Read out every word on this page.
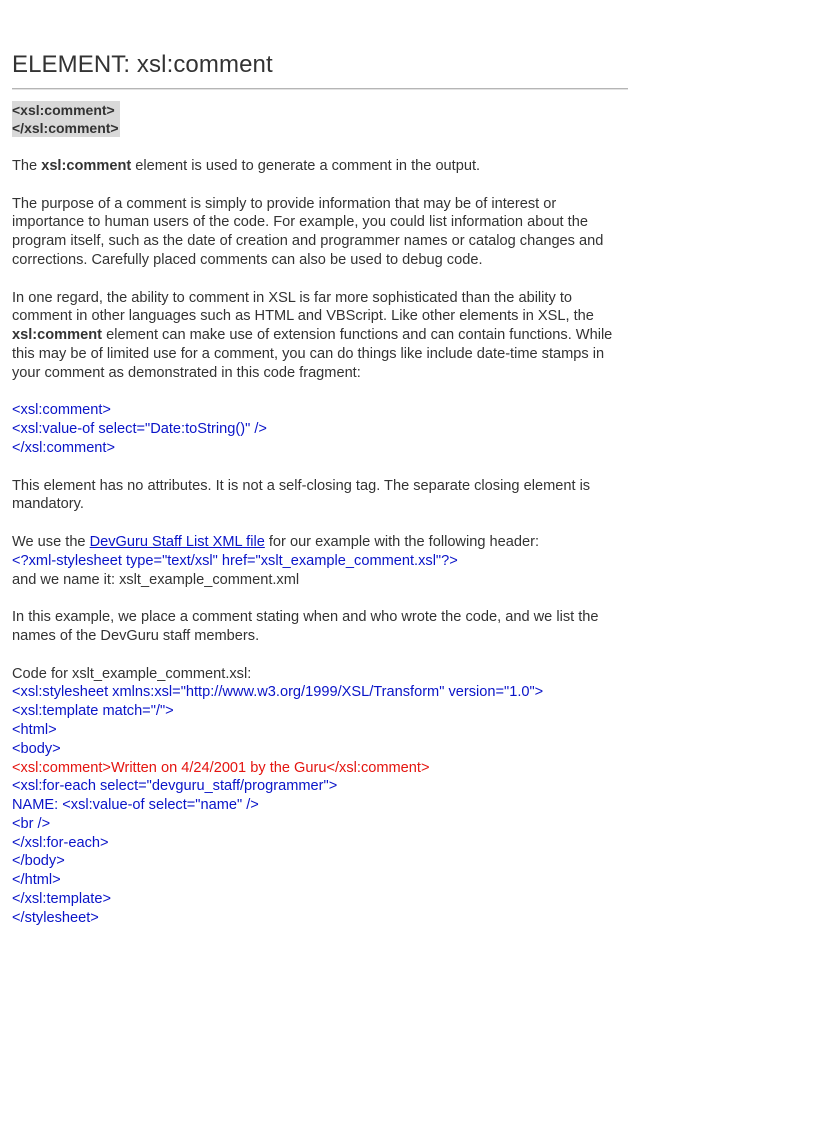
ELEMENT: xsl:comment
<xsl:comment>
</xsl:comment>

The xsl:comment element is used to generate a comment in the output.

The purpose of a comment is simply to provide information that may be of interest or importance to human users of the code. For example, you could list information about the program itself, such as the date of creation and programmer names or catalog changes and corrections. Carefully placed comments can also be used to debug code.

In one regard, the ability to comment in XSL is far more sophisticated than the ability to comment in other languages such as HTML and VBScript. Like other elements in XSL, the xsl:comment element can make use of extension functions and can contain functions. While this may be of limited use for a comment, you can do things like include date-time stamps in your comment as demonstrated in this code fragment:

<xsl:comment>
<xsl:value-of select="Date:toString()" />
</xsl:comment>

This element has no attributes. It is not a self-closing tag. The separate closing element is mandatory.

We use the DevGuru Staff List XML file for our example with the following header:
<?xml-stylesheet type="text/xsl" href="xslt_example_comment.xsl"?>
and we name it: xslt_example_comment.xml

In this example, we place a comment stating when and who wrote the code, and we list the names of the DevGuru staff members.

Code for xslt_example_comment.xsl:
<xsl:stylesheet xmlns:xsl="http://www.w3.org/1999/XSL/Transform" version="1.0">
<xsl:template match="/">
<html>
<body>
<xsl:comment>Written on 4/24/2001 by the Guru</xsl:comment>
<xsl:for-each select="devguru_staff/programmer">
NAME: <xsl:value-of select="name" />
<br />
</xsl:for-each>
</body>
</html>
</xsl:template>
</stylesheet>
